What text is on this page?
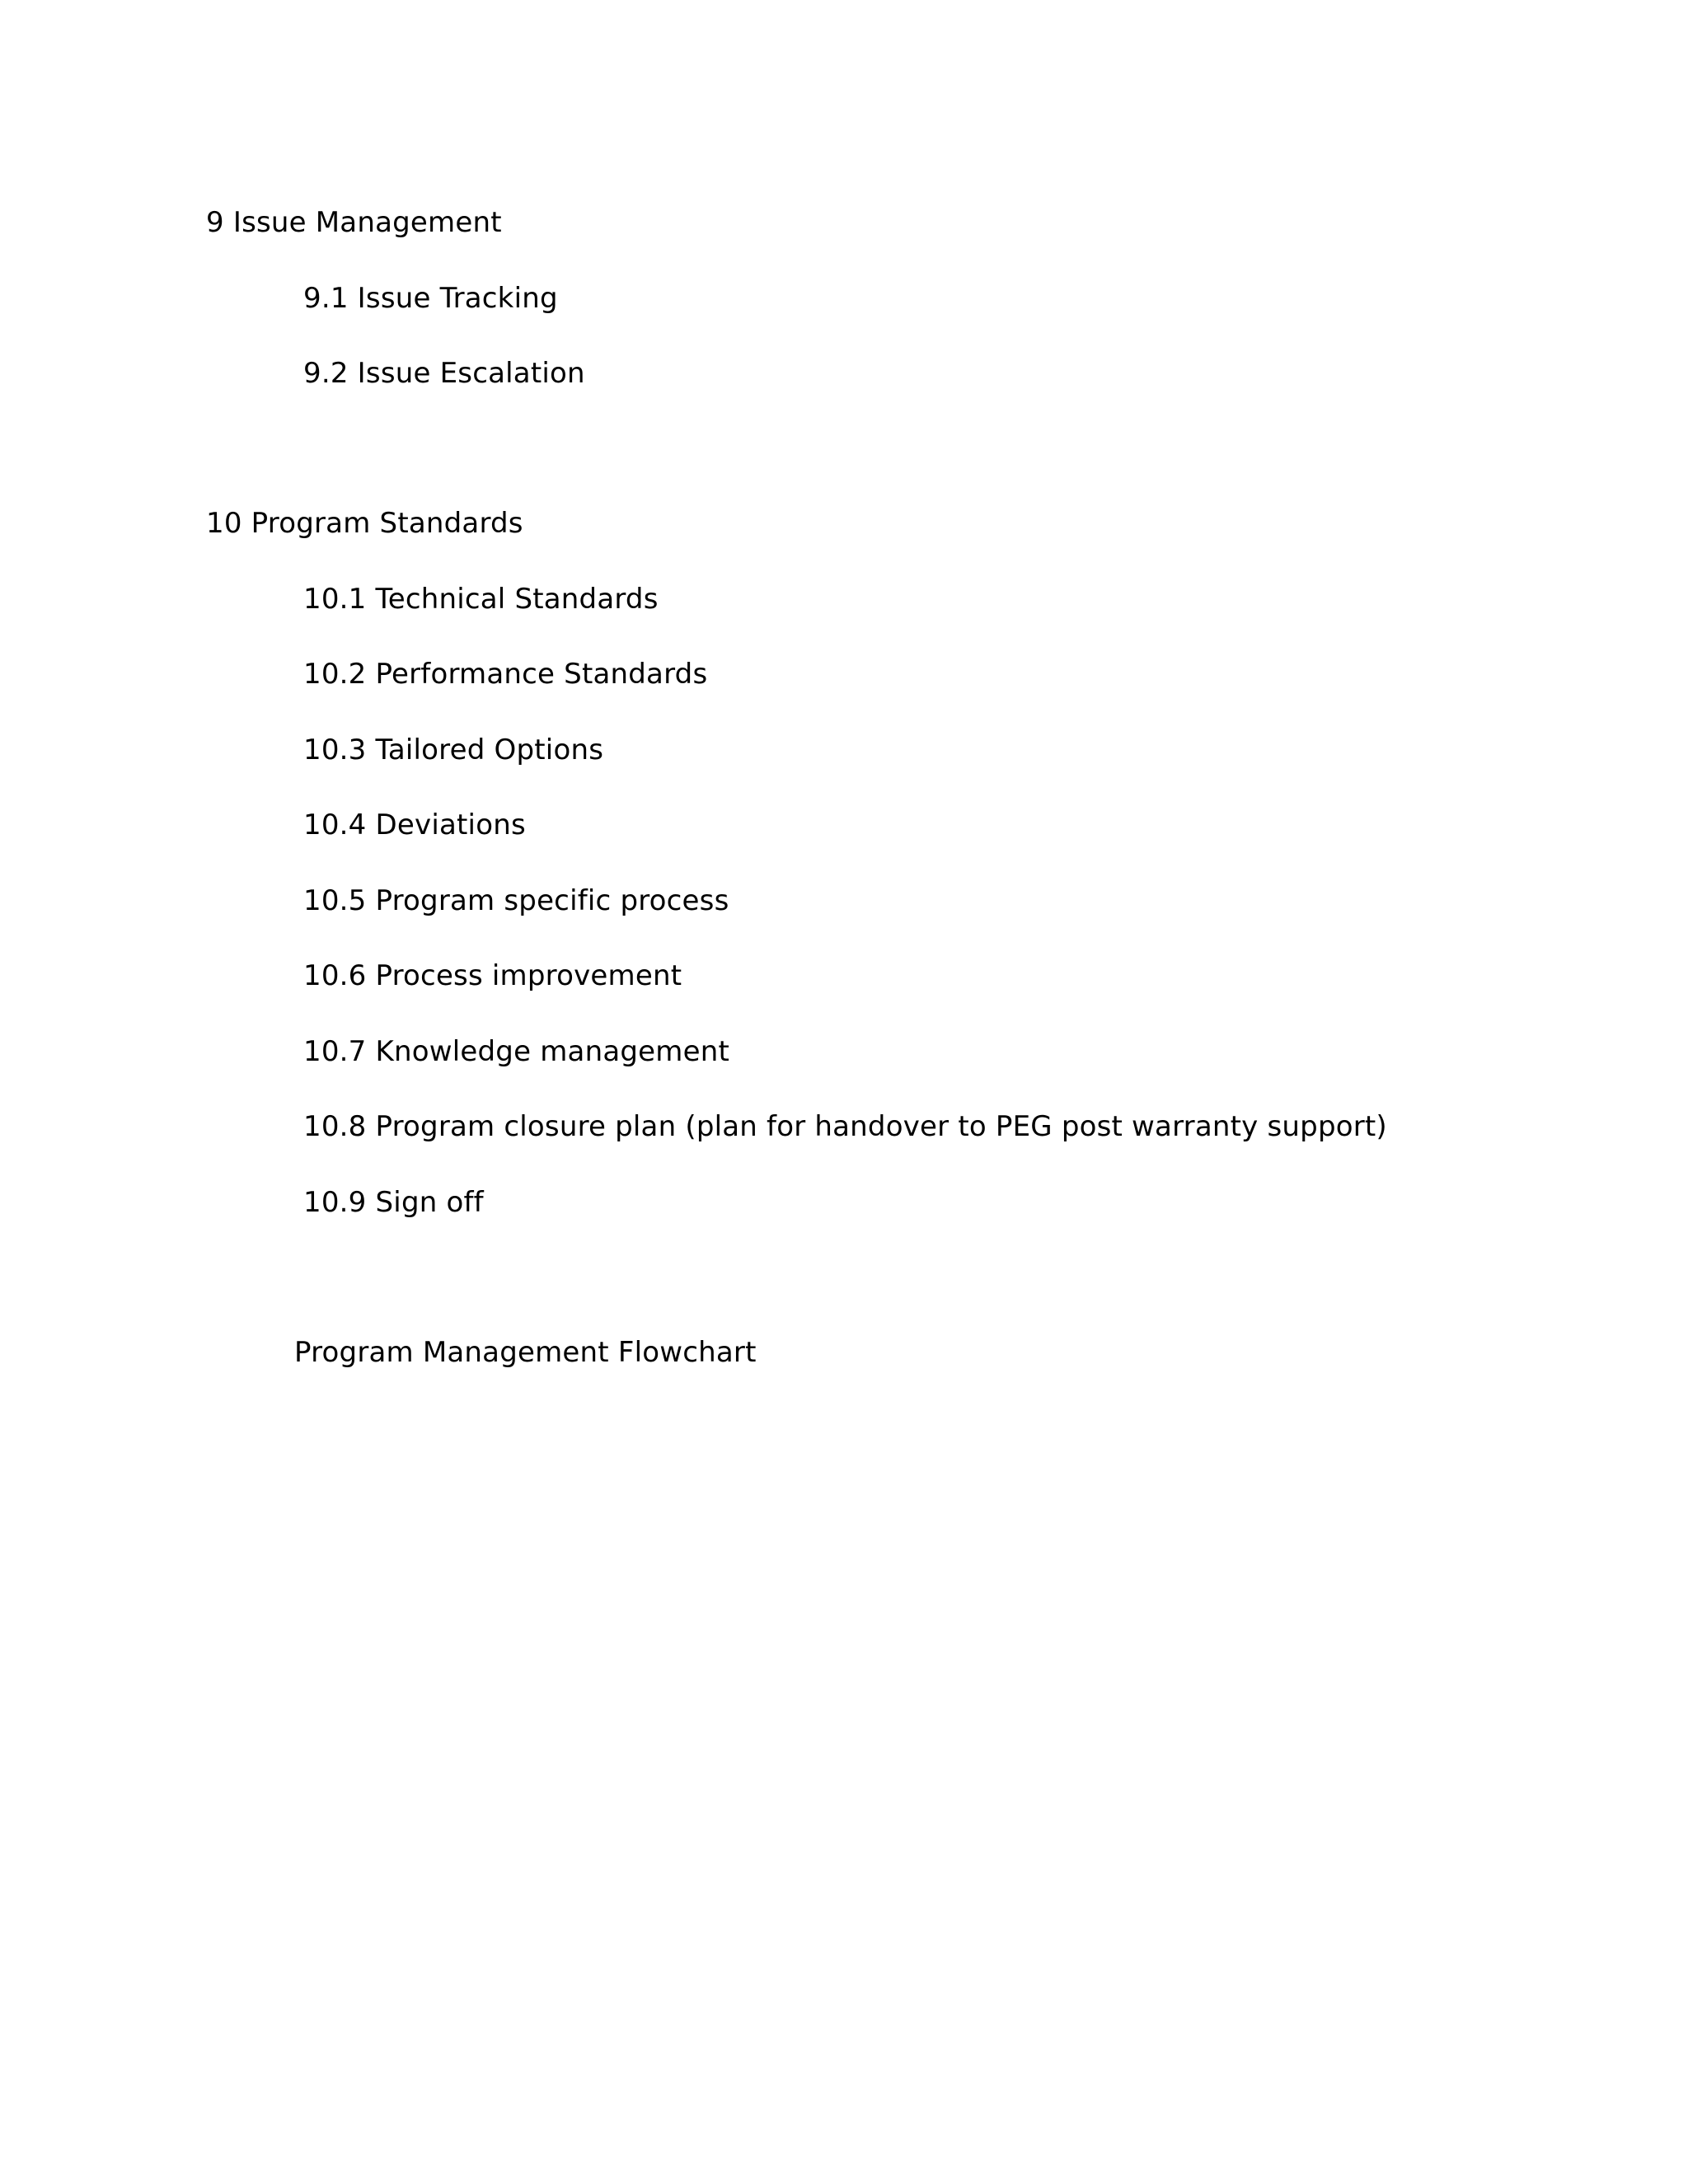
9 Issue Management
9.1 Issue Tracking
9.2 Issue Escalation
10 Program Standards
10.1 Technical Standards
10.2 Performance Standards
10.3 Tailored Options
10.4 Deviations
10.5 Program specific process
10.6 Process improvement
10.7 Knowledge management
10.8 Program closure plan (plan for handover to PEG post warranty support)
10.9 Sign off
Program Management Flowchart
